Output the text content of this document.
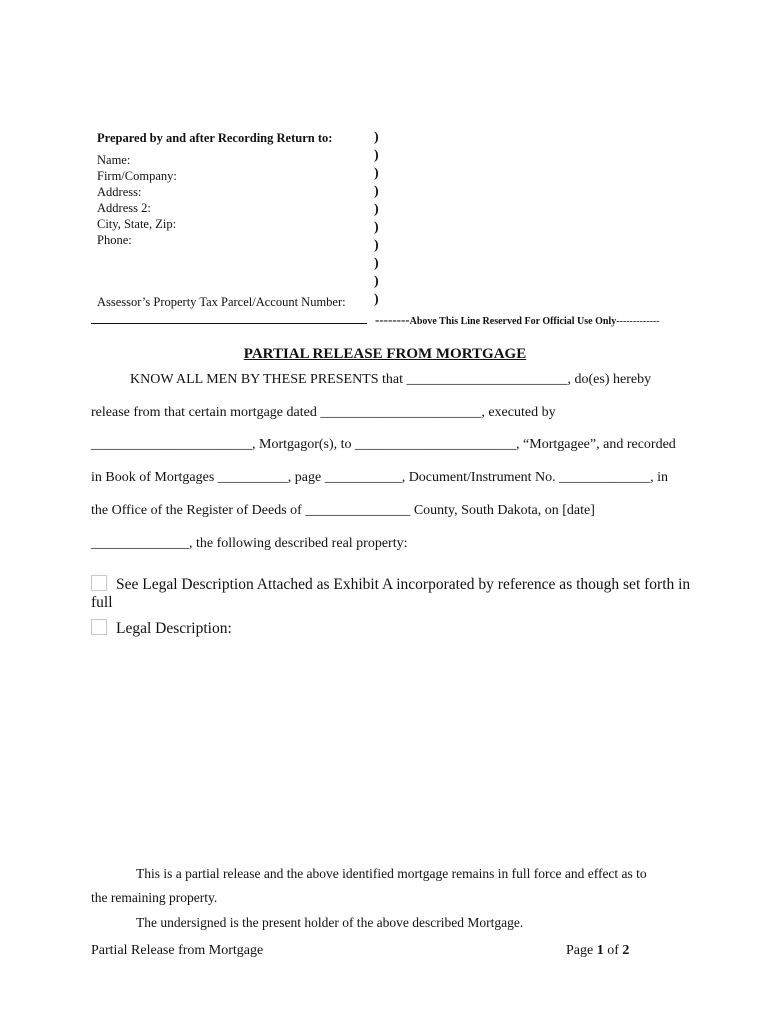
Prepared by and after Recording Return to:
Name:
Firm/Company:
Address:
Address 2:
City, State, Zip:
Phone:
Assessor’s Property Tax Parcel/Account Number:
)
)
)
)
)
)
)
)
)
)
--------Above This Line Reserved For Official Use Only-------------
PARTIAL RELEASE FROM MORTGAGE
KNOW ALL MEN BY THESE PRESENTS that _______________________, do(es) hereby
release from that certain mortgage dated _______________________, executed by
_______________________, Mortgagor(s), to _______________________, “Mortgagee”, and recorded
in Book of Mortgages __________, page ___________, Document/Instrument No. _____________, in
the Office of the Register of Deeds of _______________ County, South Dakota, on [date]
______________, the following described real property:
See Legal Description Attached as Exhibit A incorporated by reference as though set forth in
full
Legal Description:
This is a partial release and the above identified mortgage remains in full force and effect as to
the remaining property.
The undersigned is the present holder of the above described Mortgage.
Partial Release from Mortgage	Page 1 of 2
